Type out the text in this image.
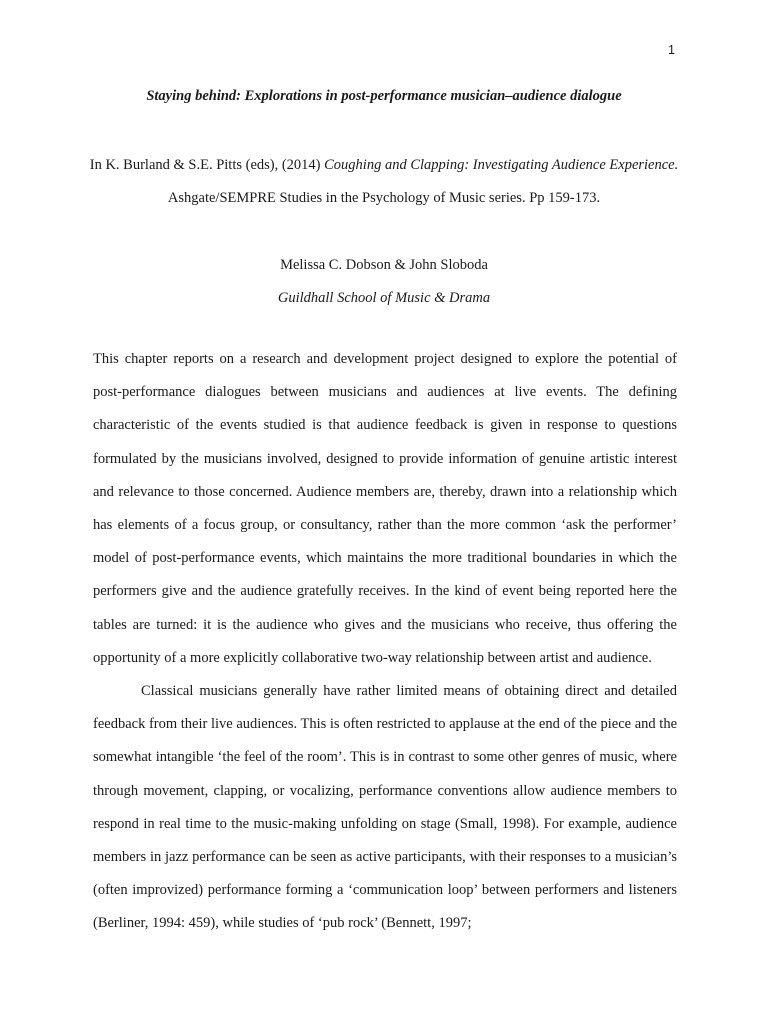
1
Staying behind: Explorations in post-performance musician–audience dialogue
In K. Burland & S.E. Pitts (eds), (2014) Coughing and Clapping: Investigating Audience Experience.
Ashgate/SEMPRE Studies in the Psychology of Music series. Pp 159-173.
Melissa C. Dobson & John Sloboda
Guildhall School of Music & Drama

This chapter reports on a research and development project designed to explore the potential of post-performance dialogues between musicians and audiences at live events. The defining characteristic of the events studied is that audience feedback is given in response to questions formulated by the musicians involved, designed to provide information of genuine artistic interest and relevance to those concerned. Audience members are, thereby, drawn into a relationship which has elements of a focus group, or consultancy, rather than the more common ‘ask the performer’ model of post-performance events, which maintains the more traditional boundaries in which the performers give and the audience gratefully receives. In the kind of event being reported here the tables are turned: it is the audience who gives and the musicians who receive, thus offering the opportunity of a more explicitly collaborative two-way relationship between artist and audience.

Classical musicians generally have rather limited means of obtaining direct and detailed feedback from their live audiences. This is often restricted to applause at the end of the piece and the somewhat intangible ‘the feel of the room’. This is in contrast to some other genres of music, where through movement, clapping, or vocalizing, performance conventions allow audience members to respond in real time to the music-making unfolding on stage (Small, 1998). For example, audience members in jazz performance can be seen as active participants, with their responses to a musician’s (often improvized) performance forming a ‘communication loop’ between performers and listeners (Berliner, 1994: 459), while studies of ‘pub rock’ (Bennett, 1997;
